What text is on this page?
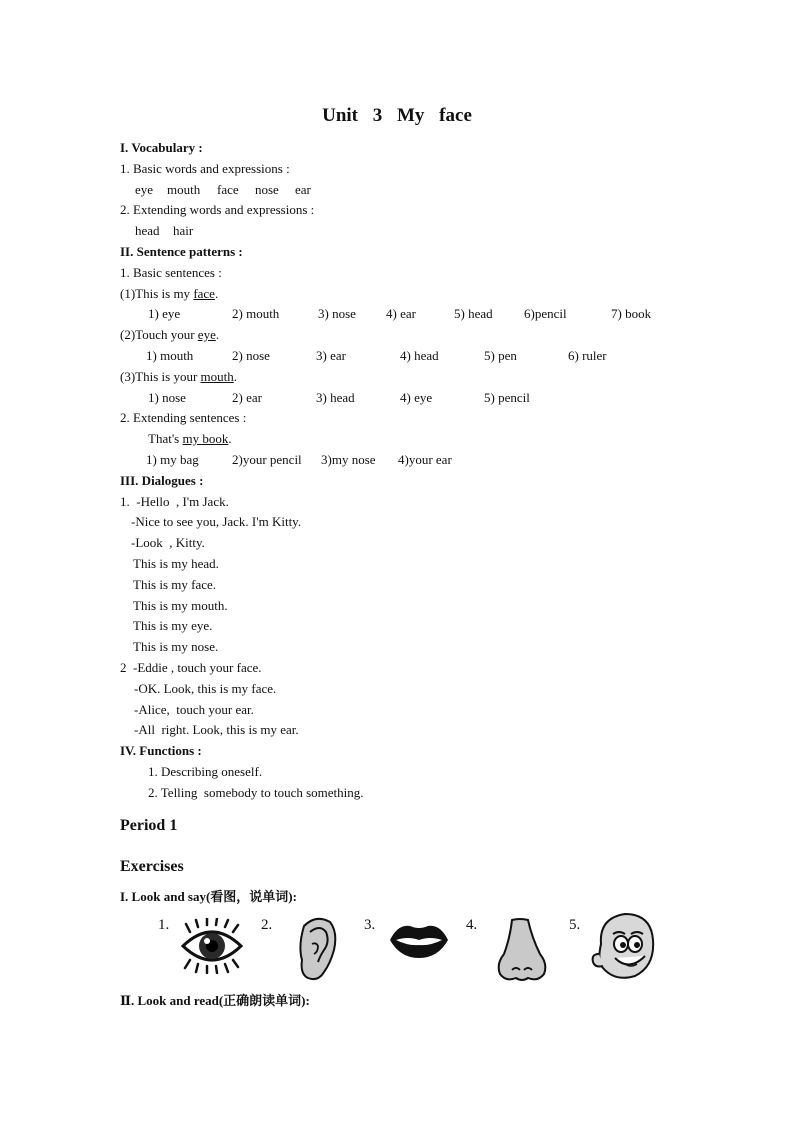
Unit 3 My face
I. Vocabulary :
1. Basic words and expressions :
eye mouth face nose ear
2. Extending words and expressions :
head hair
II. Sentence patterns :
1. Basic sentences :
(1)This is my face.
1) eye	2) mouth	3) nose 4) ear	5) head 6)pencil	7) book
(2)Touch your eye.
1) mouth	2) nose	3) ear	4) head	5) pen	6) ruler
(3)This is your mouth.
1) nose	2) ear	3) head	4) eye	5) pencil
2. Extending sentences :
That's my book.
1) my bag	2)your pencil 3)my nose 4)your ear
III. Dialogues :
1.  -Hello  , I'm Jack.
-Nice to see you, Jack. I'm Kitty.
-Look  , Kitty.
This is my head.
This is my face.
This is my mouth.
This is my eye.
This is my nose.
2  -Eddie , touch your face.
-OK. Look, this is my face.
-Alice,  touch your ear.
-All  right. Look, this is my ear.
IV. Functions :
1. Describing oneself.
2. Telling  somebody to touch something.
Period 1
Exercises
I. Look and say(看图，说单词):
1.	2.	3.	4.	5.
Ⅱ. Look and read(正确朗读单词):
